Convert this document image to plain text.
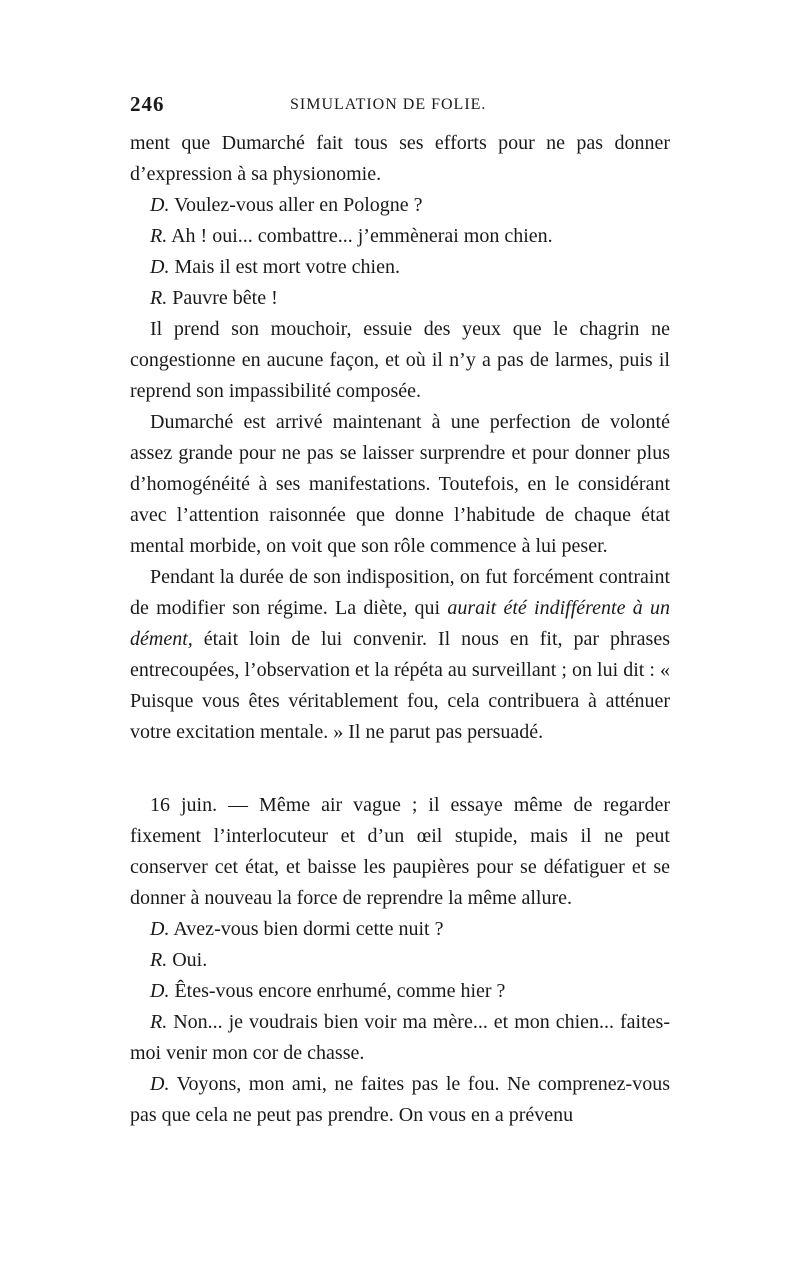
246	SIMULATION DE FOLIE.

ment que Dumarché fait tous ses efforts pour ne pas donner d’expression à sa physionomie.

D. Voulez-vous aller en Pologne ?

R. Ah ! oui... combattre... j’emmènerai mon chien.

D. Mais il est mort votre chien.

R. Pauvre bête !

Il prend son mouchoir, essuie des yeux que le chagrin ne congestionne en aucune façon, et où il n’y a pas de larmes, puis il reprend son impassibilité composée.

Dumarché est arrivé maintenant à une perfection de volonté assez grande pour ne pas se laisser surprendre et pour donner plus d’homogénéité à ses manifestations. Toutefois, en le considérant avec l’attention raisonnée que donne l’habitude de chaque état mental morbide, on voit que son rôle commence à lui peser.

Pendant la durée de son indisposition, on fut forcément contraint de modifier son régime. La diète, qui aurait été indifférente à un dément, était loin de lui convenir. Il nous en fit, par phrases entrecoupées, l’observation et la répéta au surveillant ; on lui dit : « Puisque vous êtes véritablement fou, cela contribuera à atténuer votre excitation mentale. » Il ne parut pas persuadé.

16 juin. — Même air vague ; il essaye même de regarder fixement l’interlocuteur et d’un œil stupide, mais il ne peut conserver cet état, et baisse les paupières pour se défatiguer et se donner à nouveau la force de reprendre la même allure.

D. Avez-vous bien dormi cette nuit ?

R. Oui.

D. Êtes-vous encore enrhumé, comme hier ?

R. Non... je voudrais bien voir ma mère... et mon chien... faites-moi venir mon cor de chasse.

D. Voyons, mon ami, ne faites pas le fou. Ne comprenez-vous pas que cela ne peut pas prendre. On vous en a prévenu
